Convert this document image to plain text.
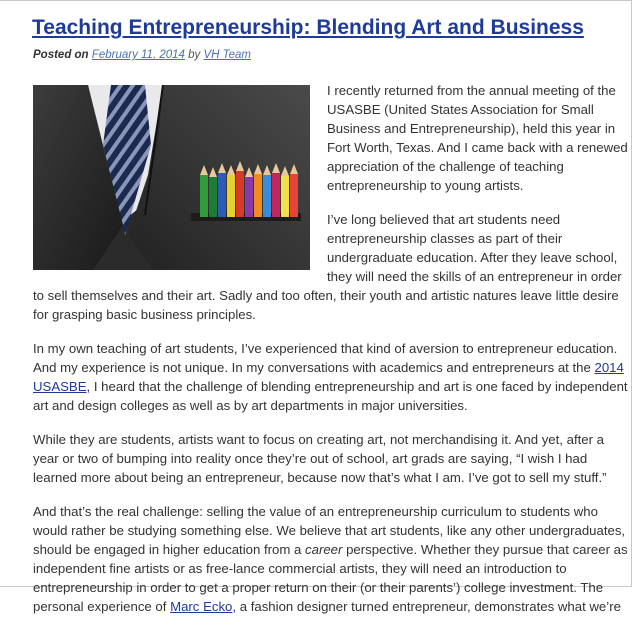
Teaching Entrepreneurship: Blending Art and Business
Posted on February 11, 2014 by VH Team

I recently returned from the annual meeting of the USASBE (United States Association for Small Business and Entrepreneurship), held this year in Fort Worth, Texas. And I came back with a renewed appreciation of the challenge of teaching entrepreneurship to young artists.

I’ve long believed that art students need entrepreneurship classes as part of their undergraduate education. After they leave school, they will need the skills of an entrepreneur in order to sell themselves and their art. Sadly and too often, their youth and artistic natures leave little desire for grasping basic business principles.

In my own teaching of art students, I’ve experienced that kind of aversion to entrepreneur education. And my experience is not unique. In my conversations with academics and entrepreneurs at the 2014 USASBE, I heard that the challenge of blending entrepreneurship and art is one faced by independent art and design colleges as well as by art departments in major universities.

While they are students, artists want to focus on creating art, not merchandising it. And yet, after a year or two of bumping into reality once they’re out of school, art grads are saying, “I wish I had learned more about being an entrepreneur, because now that’s what I am. I’ve got to sell my stuff.”

And that’s the real challenge: selling the value of an entrepreneurship curriculum to students who would rather be studying something else. We believe that art students, like any other undergraduates, should be engaged in higher education from a career perspective. Whether they pursue that career as independent fine artists or as free-lance commercial artists, they will need an introduction to entrepreneurship in order to get a proper return on their (or their parents’) college investment. The personal experience of Marc Ecko, a fashion designer turned entrepreneur, demonstrates what we’re
